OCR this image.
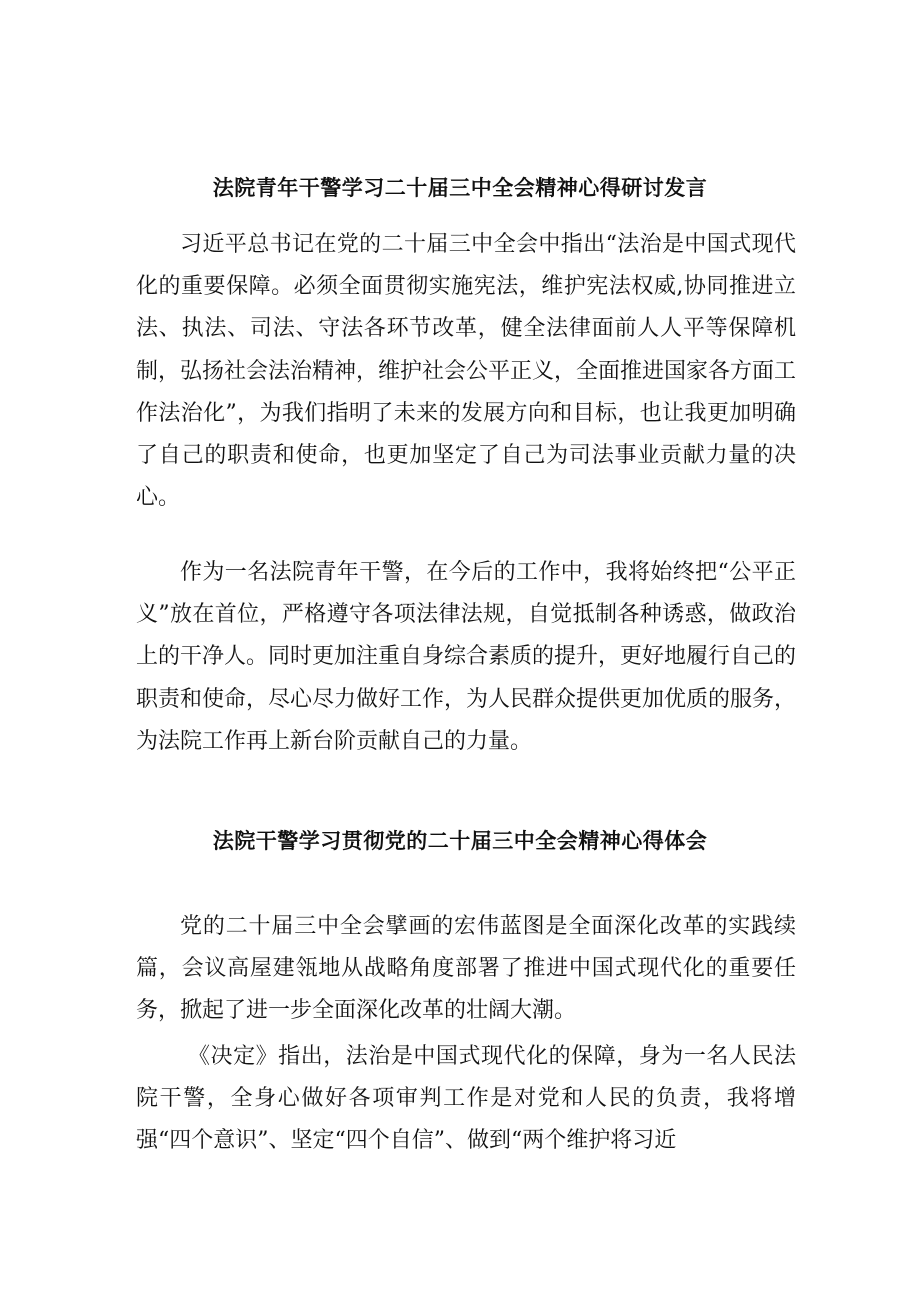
法院青年干警学习二十届三中全会精神心得研讨发言

习近平总书记在党的二十届三中全会中指出“法治是中国式现代化的重要保障。必须全面贯彻实施宪法，维护宪法权威,协同推进立法、执法、司法、守法各环节改革，健全法律面前人人平等保障机制，弘扬社会法治精神，维护社会公平正义，全面推进国家各方面工作法治化”，为我们指明了未来的发展方向和目标，也让我更加明确了自己的职责和使命，也更加坚定了自己为司法事业贡献力量的决心。

作为一名法院青年干警，在今后的工作中，我将始终把“公平正义”放在首位，严格遵守各项法律法规，自觉抵制各种诱惑，做政治上的干净人。同时更加注重自身综合素质的提升，更好地履行自己的职责和使命，尽心尽力做好工作，为人民群众提供更加优质的服务，为法院工作再上新台阶贡献自己的力量。

法院干警学习贯彻党的二十届三中全会精神心得体会

党的二十届三中全会擘画的宏伟蓝图是全面深化改革的实践续篇，会议高屋建瓴地从战略角度部署了推进中国式现代化的重要任务，掀起了进一步全面深化改革的壮阔大潮。

《决定》指出，法治是中国式现代化的保障，身为一名人民法院干警，全身心做好各项审判工作是对党和人民的负责，我将增强“四个意识”、坚定“四个自信”、做到“两个维护将习近
